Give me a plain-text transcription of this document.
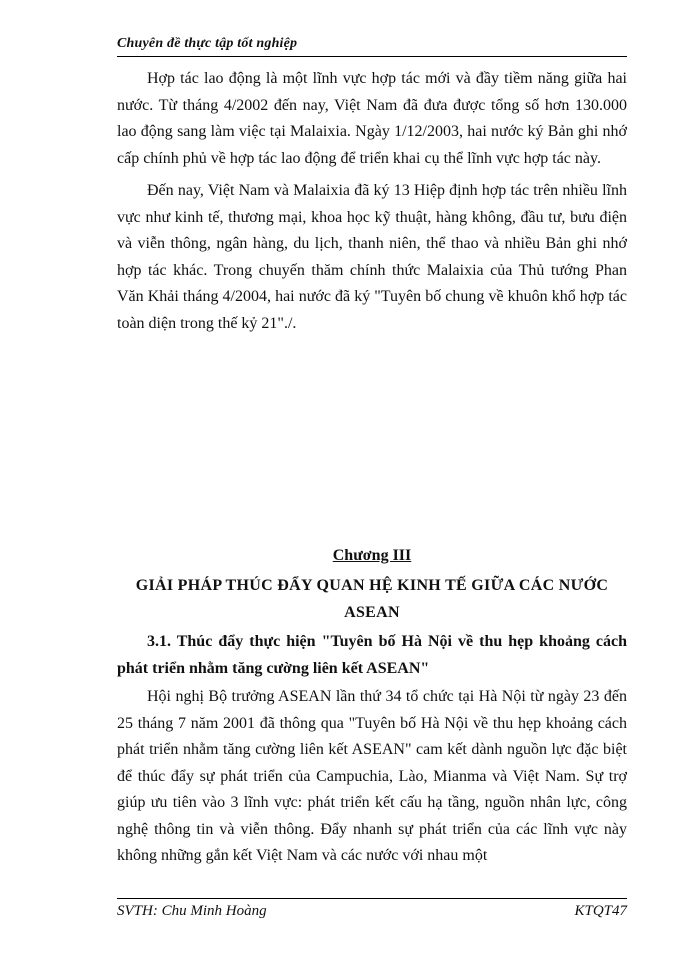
Chuyên đề thực tập tốt nghiệp

Hợp tác lao động là một lĩnh vực hợp tác mới và đầy tiềm năng giữa hai nước. Từ tháng 4/2002 đến nay, Việt Nam đã đưa được tổng số hơn 130.000 lao động sang làm việc tại Malaixia. Ngày 1/12/2003, hai nước ký Bản ghi nhớ cấp chính phủ về hợp tác lao động để triển khai cụ thể lĩnh vực hợp tác này.

Đến nay, Việt Nam và Malaixia đã ký 13 Hiệp định hợp tác trên nhiều lĩnh vực như kinh tế, thương mại, khoa học kỹ thuật, hàng không, đầu tư, bưu điện và viễn thông, ngân hàng, du lịch, thanh niên, thể thao và nhiều Bản ghi nhớ hợp tác khác. Trong chuyến thăm chính thức Malaixia của Thủ tướng Phan Văn Khải tháng 4/2004, hai nước đã ký "Tuyên bố chung về khuôn khổ hợp tác toàn diện trong thế kỷ 21"./.

Chương III
GIẢI PHÁP THÚC ĐẨY QUAN HỆ KINH TẾ GIỮA CÁC NƯỚC ASEAN
3.1. Thúc đẩy thực hiện "Tuyên bố Hà Nội về thu hẹp khoảng cách phát triển nhằm tăng cường liên kết ASEAN"

Hội nghị Bộ trưởng ASEAN lần thứ 34 tổ chức tại Hà Nội từ ngày 23 đến 25 tháng 7 năm 2001 đã thông qua "Tuyên bố Hà Nội về thu hẹp khoảng cách phát triển nhằm tăng cường liên kết ASEAN" cam kết dành nguồn lực đặc biệt để thúc đẩy sự phát triển của Campuchia, Lào, Mianma và Việt Nam. Sự trợ giúp ưu tiên vào 3 lĩnh vực: phát triển kết cấu hạ tầng, nguồn nhân lực, công nghệ thông tin và viễn thông. Đẩy nhanh sự phát triển của các lĩnh vực này không những gắn kết Việt Nam và các nước với nhau một

SVTH: Chu Minh Hoàng	KTQT47
